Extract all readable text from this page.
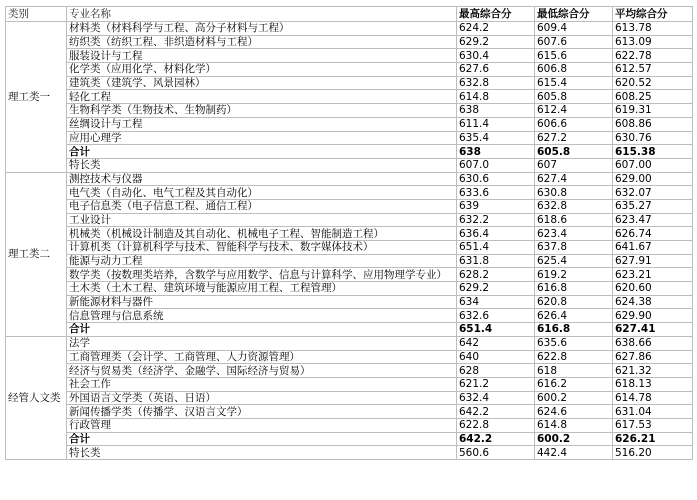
类别	专业名称	最高综合分	最低综合分	平均综合分
理工类一	材料类（材料科学与工程、高分子材料与工程）	624.2	609.4	613.78
	纺织类（纺织工程、非织造材料与工程）	629.2	607.6	613.09
	服装设计与工程	630.4	615.6	622.78
	化学类（应用化学、材料化学）	627.6	606.8	612.57
	建筑类（建筑学、风景园林）	632.8	615.4	620.52
	轻化工程	614.8	605.8	608.25
	生物科学类（生物技术、生物制药）	638	612.4	619.31
	丝绸设计与工程	611.4	606.6	608.86
	应用心理学	635.4	627.2	630.76
	合计	638	605.8	615.38
	特长类	607.0	607	607.00
理工类二	测控技术与仪器	630.6	627.4	629.00
	电气类（自动化、电气工程及其自动化）	633.6	630.8	632.07
	电子信息类（电子信息工程、通信工程）	639	632.8	635.27
	工业设计	632.2	618.6	623.47
	机械类（机械设计制造及其自动化、机械电子工程、智能制造工程）	636.4	623.4	626.74
	计算机类（计算机科学与技术、智能科学与技术、数字媒体技术）	651.4	637.8	641.67
	能源与动力工程	631.8	625.4	627.91
	数学类（按数理类培养，含数学与应用数学、信息与计算科学、应用物理学专业）	628.2	619.2	623.21
	土木类（土木工程、建筑环境与能源应用工程、工程管理）	629.2	616.8	620.60
	新能源材料与器件	634	620.8	624.38
	信息管理与信息系统	632.6	626.4	629.90
	合计	651.4	616.8	627.41
经管人文类	法学	642	635.6	638.66
	工商管理类（会计学、工商管理、人力资源管理）	640	622.8	627.86
	经济与贸易类（经济学、金融学、国际经济与贸易）	628	618	621.32
	社会工作	621.2	616.2	618.13
	外国语言文学类（英语、日语）	632.4	600.2	614.78
	新闻传播学类（传播学、汉语言文学）	642.2	624.6	631.04
	行政管理	622.8	614.8	617.53
	合计	642.2	600.2	626.21
	特长类	560.6	442.4	516.20
